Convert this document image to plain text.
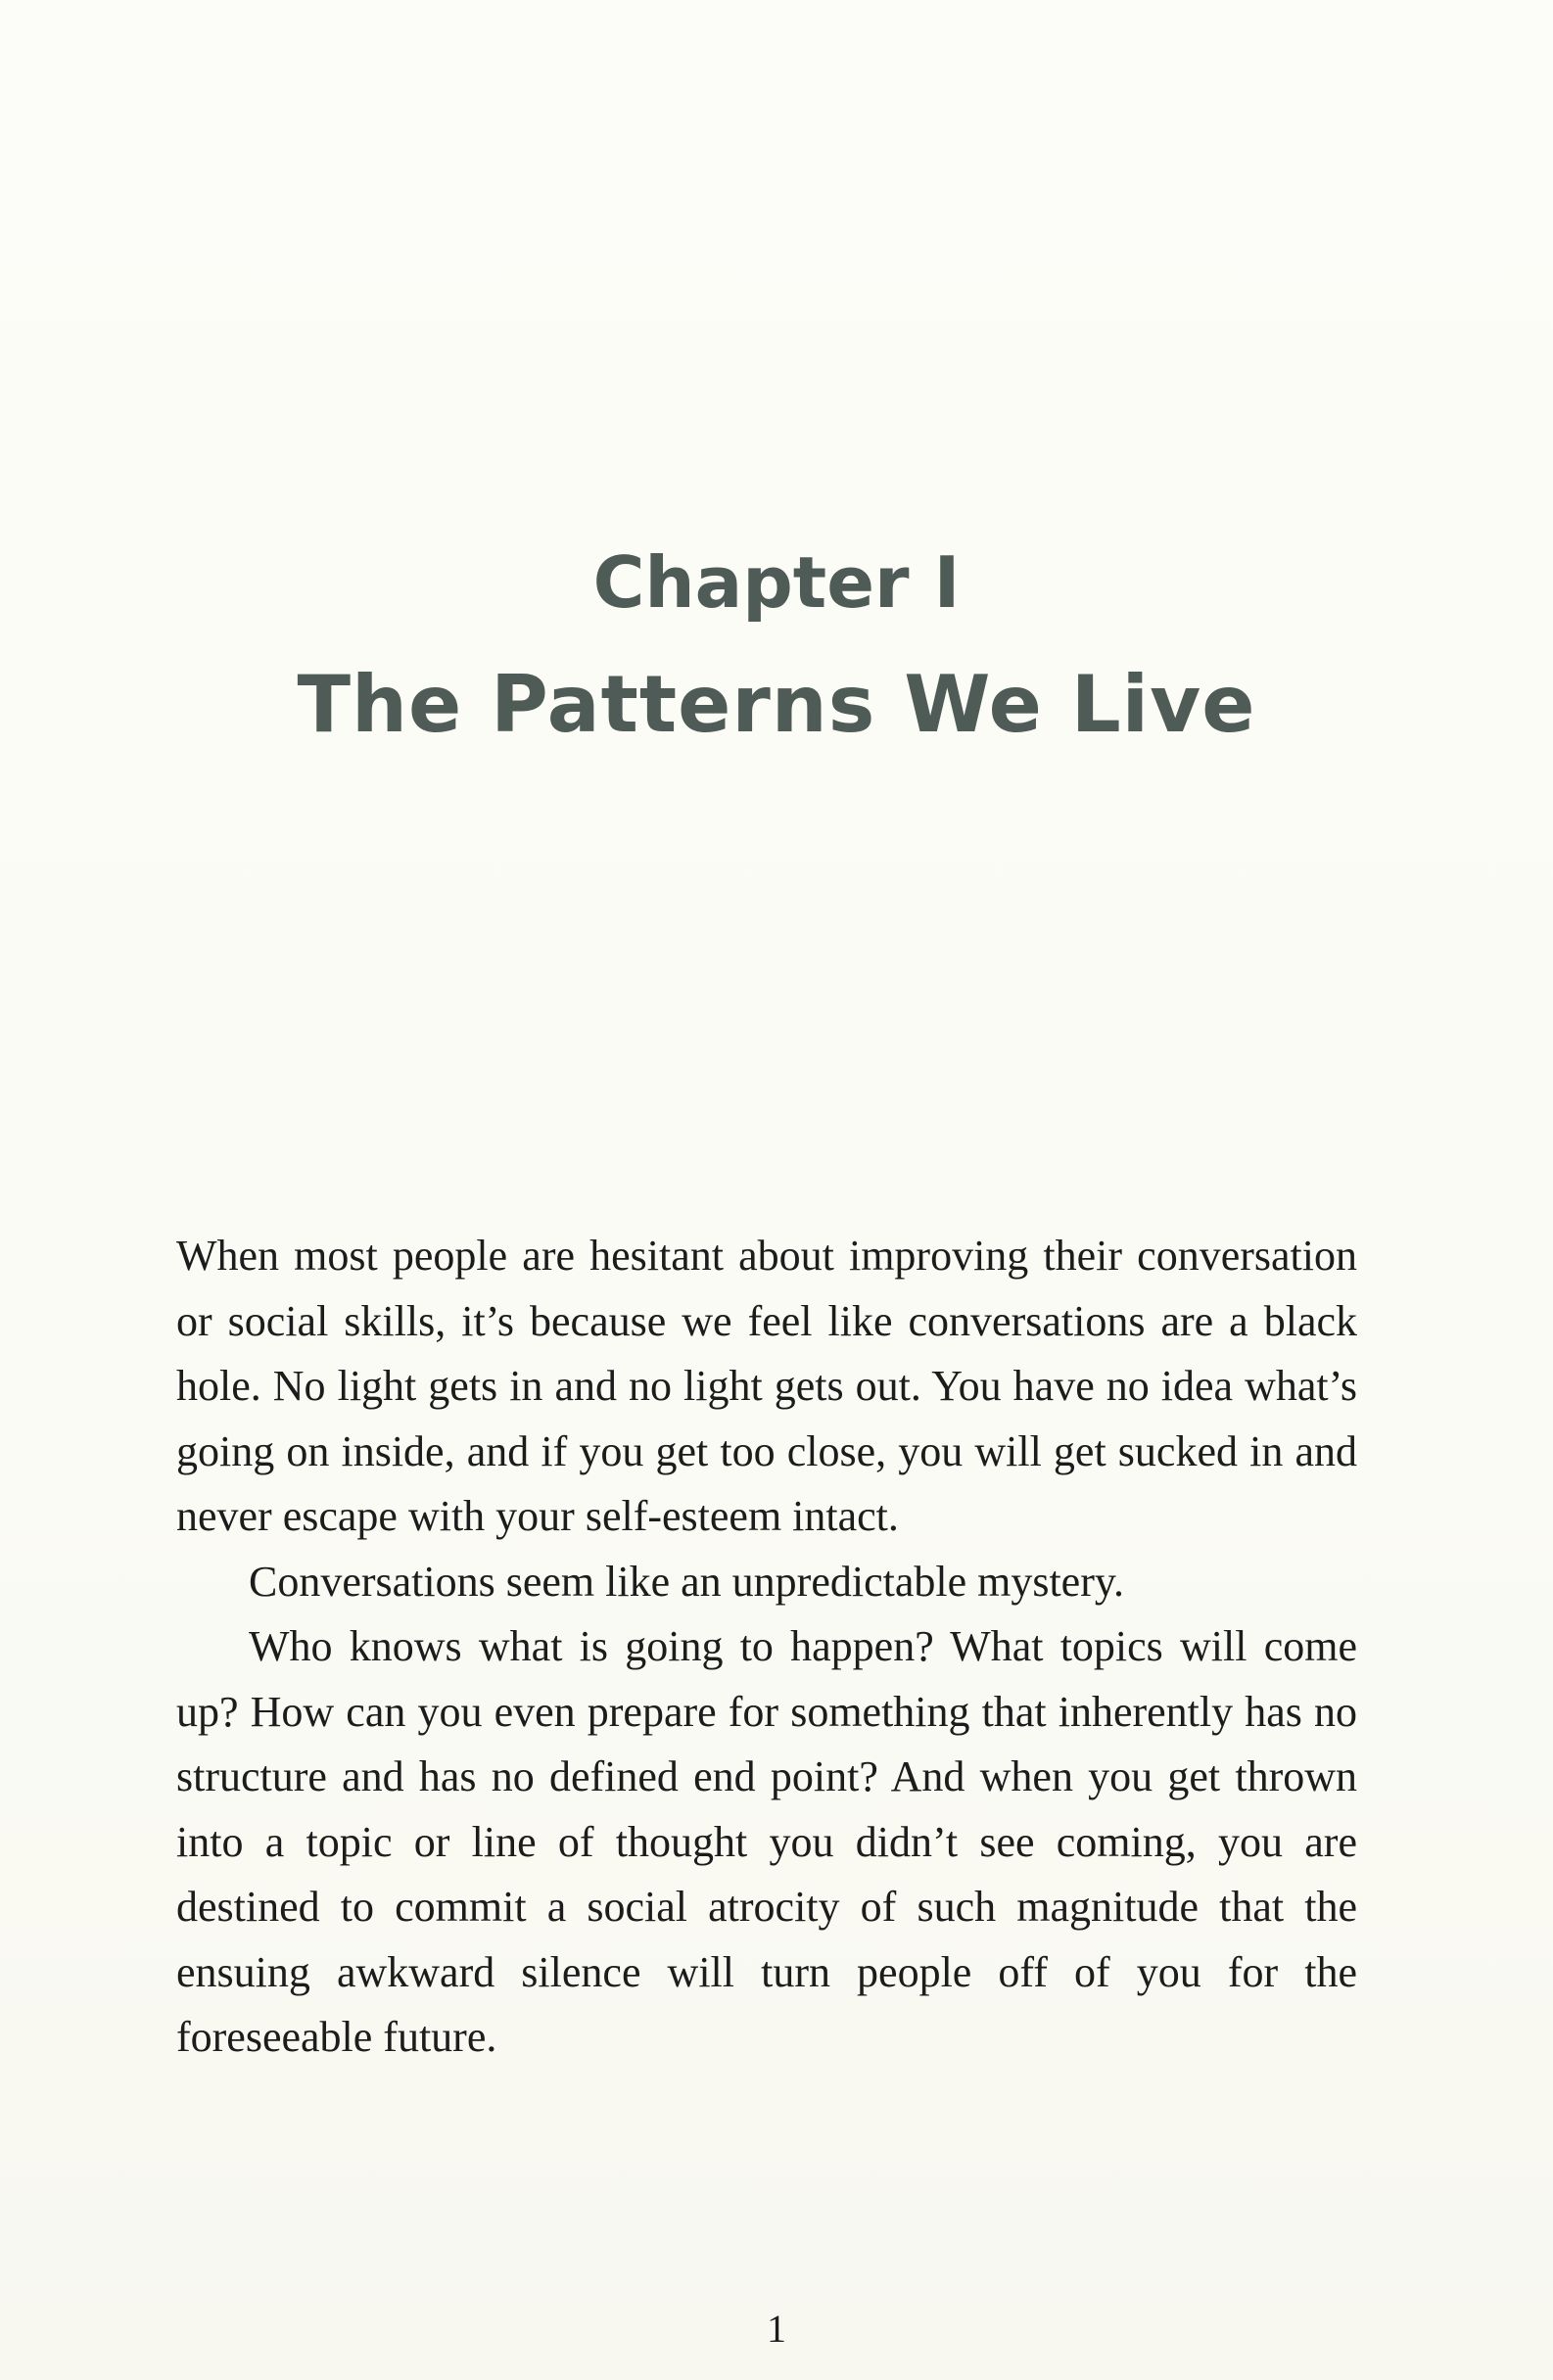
Chapter I
The Patterns We Live

When most people are hesitant about improving their conversation or social skills, it’s because we feel like conversations are a black hole. No light gets in and no light gets out. You have no idea what’s going on inside, and if you get too close, you will get sucked in and never escape with your self-esteem intact.

Conversations seem like an unpredictable mystery.

Who knows what is going to happen? What topics will come up? How can you even prepare for something that inherently has no structure and has no defined end point? And when you get thrown into a topic or line of thought you didn’t see coming, you are destined to commit a social atrocity of such magnitude that the ensuing awkward silence will turn people off of you for the foreseeable future.

1
